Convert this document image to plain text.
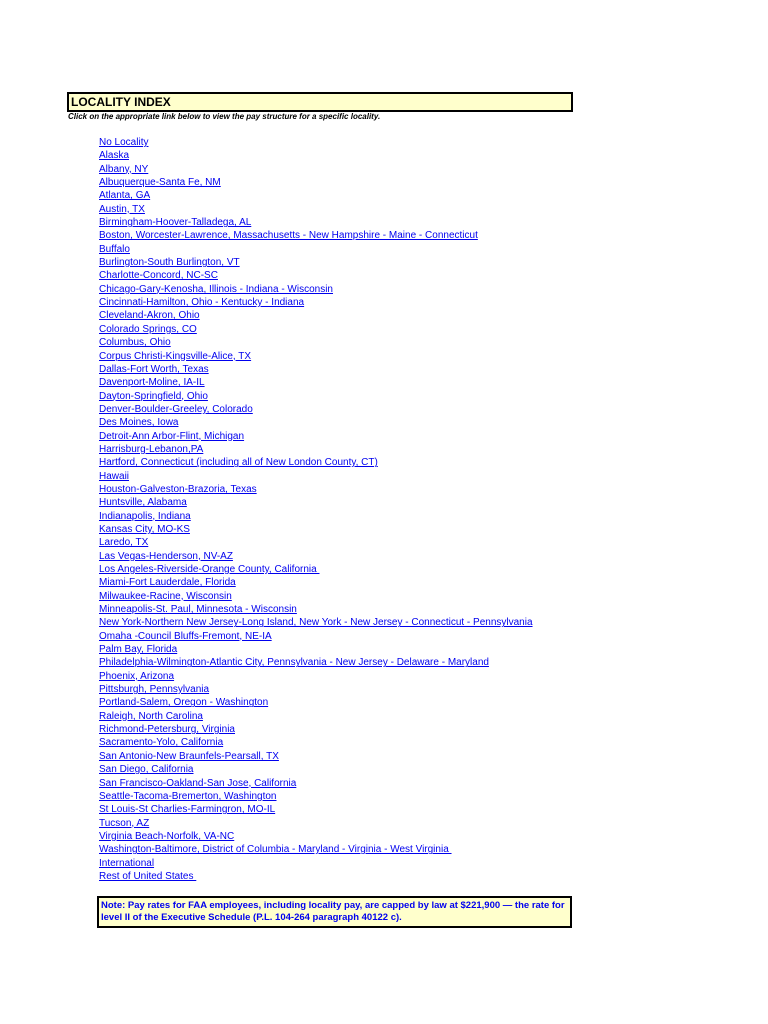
LOCALITY INDEX
Click on the appropriate link below to view the pay structure for a specific locality.
No Locality
Alaska
Albany, NY
Albuquerque-Santa Fe, NM
Atlanta, GA
Austin, TX
Birmingham-Hoover-Talladega, AL
Boston, Worcester-Lawrence, Massachusetts - New Hampshire - Maine - Connecticut
Buffalo
Burlington-South Burlington, VT
Charlotte-Concord, NC-SC
Chicago-Gary-Kenosha, Illinois - Indiana - Wisconsin
Cincinnati-Hamilton, Ohio - Kentucky - Indiana
Cleveland-Akron, Ohio
Colorado Springs, CO
Columbus, Ohio
Corpus Christi-Kingsville-Alice, TX
Dallas-Fort Worth, Texas
Davenport-Moline, IA-IL
Dayton-Springfield, Ohio
Denver-Boulder-Greeley, Colorado
Des Moines, Iowa
Detroit-Ann Arbor-Flint, Michigan
Harrisburg-Lebanon,PA
Hartford, Connecticut (including all of New London County, CT)
Hawaii
Houston-Galveston-Brazoria, Texas
Huntsville, Alabama
Indianapolis, Indiana
Kansas City, MO-KS
Laredo, TX
Las Vegas-Henderson, NV-AZ
Los Angeles-Riverside-Orange County, California
Miami-Fort Lauderdale, Florida
Milwaukee-Racine, Wisconsin
Minneapolis-St. Paul, Minnesota - Wisconsin
New York-Northern New Jersey-Long Island, New York - New Jersey - Connecticut - Pennsylvania
Omaha -Council Bluffs-Fremont, NE-IA
Palm Bay, Florida
Philadelphia-Wilmington-Atlantic City, Pennsylvania - New Jersey - Delaware - Maryland
Phoenix, Arizona
Pittsburgh, Pennsylvania
Portland-Salem, Oregon - Washington
Raleigh, North Carolina
Richmond-Petersburg, Virginia
Sacramento-Yolo, California
San Antonio-New Braunfels-Pearsall, TX
San Diego, California
San Francisco-Oakland-San Jose, California
Seattle-Tacoma-Bremerton, Washington
St Louis-St Charlies-Farmingron, MO-IL
Tucson, AZ
Virginia Beach-Norfolk, VA-NC
Washington-Baltimore, District of Columbia - Maryland - Virginia - West Virginia
International
Rest of United States
Note: Pay rates for FAA employees, including locality pay, are capped by law at $221,900 — the rate for level II of the Executive Schedule (P.L. 104-264 paragraph 40122 c).
